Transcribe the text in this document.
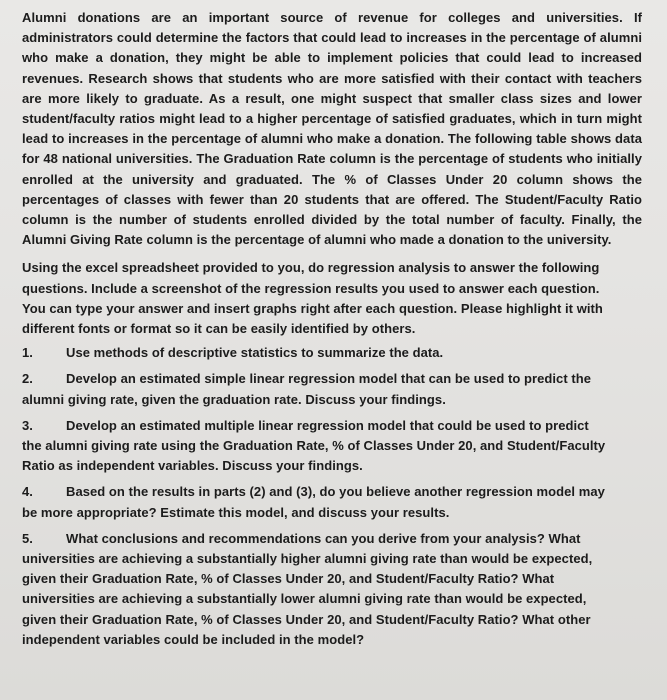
Alumni donations are an important source of revenue for colleges and universities. If administrators could determine the factors that could lead to increases in the percentage of alumni who make a donation, they might be able to implement policies that could lead to increased revenues. Research shows that students who are more satisfied with their contact with teachers are more likely to graduate. As a result, one might suspect that smaller class sizes and lower student/faculty ratios might lead to a higher percentage of satisfied graduates, which in turn might lead to increases in the percentage of alumni who make a donation. The following table shows data for 48 national universities. The Graduation Rate column is the percentage of students who initially enrolled at the university and graduated. The % of Classes Under 20 column shows the percentages of classes with fewer than 20 students that are offered. The Student/Faculty Ratio column is the number of students enrolled divided by the total number of faculty. Finally, the Alumni Giving Rate column is the percentage of alumni who made a donation to the university.

Using the excel spreadsheet provided to you, do regression analysis to answer the following questions. Include a screenshot of the regression results you used to answer each question. You can type your answer and insert graphs right after each question. Please highlight it with different fonts or format so it can be easily identified by others.

1.	Use methods of descriptive statistics to summarize the data.
2.	Develop an estimated simple linear regression model that can be used to predict the alumni giving rate, given the graduation rate. Discuss your findings.
3.	Develop an estimated multiple linear regression model that could be used to predict the alumni giving rate using the Graduation Rate, % of Classes Under 20, and Student/Faculty Ratio as independent variables. Discuss your findings.
4.	Based on the results in parts (2) and (3), do you believe another regression model may be more appropriate? Estimate this model, and discuss your results.
5.	What conclusions and recommendations can you derive from your analysis? What universities are achieving a substantially higher alumni giving rate than would be expected, given their Graduation Rate, % of Classes Under 20, and Student/Faculty Ratio? What universities are achieving a substantially lower alumni giving rate than would be expected, given their Graduation Rate, % of Classes Under 20, and Student/Faculty Ratio? What other independent variables could be included in the model?
